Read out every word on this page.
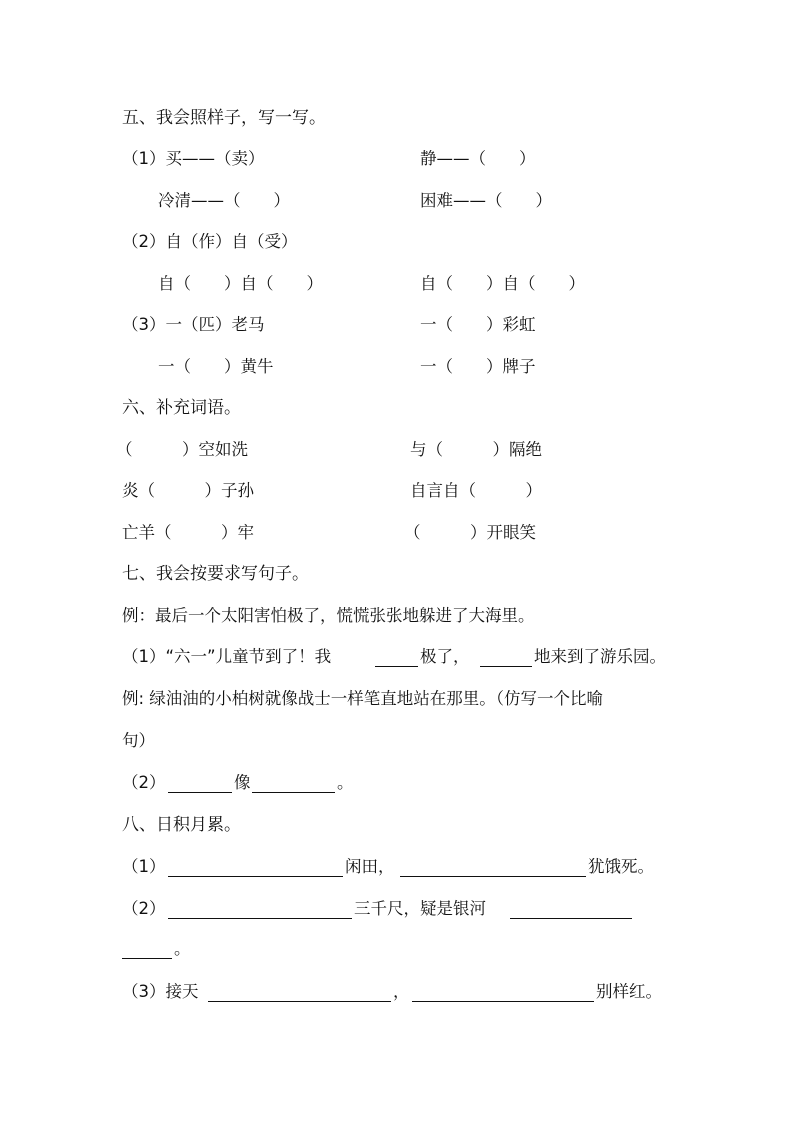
五、我会照样子，写一写。
（1）买——（卖）	静——（　　）
冷清——（　　）	困难——（　　）
（2）自（作）自（受）
自（　　）自（　　）	自（　　）自（　　）
（3）一（匹）老马	一（　　）彩虹
一（　　）黄牛	一（　　）牌子
六、补充词语。
（　　　）空如洗	与（　　　）隔绝
炎（　　　）子孙	自言自（　　　）
亡羊（　　　）牢	（　　　）开眼笑
七、我会按要求写句子。
例：最后一个太阳害怕极了，慌慌张张地躲进了大海里。
（1）“六一”儿童节到了！我	极了，	地来到了游乐园。
例: 绿油油的小柏树就像战士一样笔直地站在那里。（仿写一个比喻
句）
（2）	像	。
八、日积月累。
（1）	闲田，	犹饿死。
（2）	三千尺，疑是银河
。
（3）接天	，	别样红。
